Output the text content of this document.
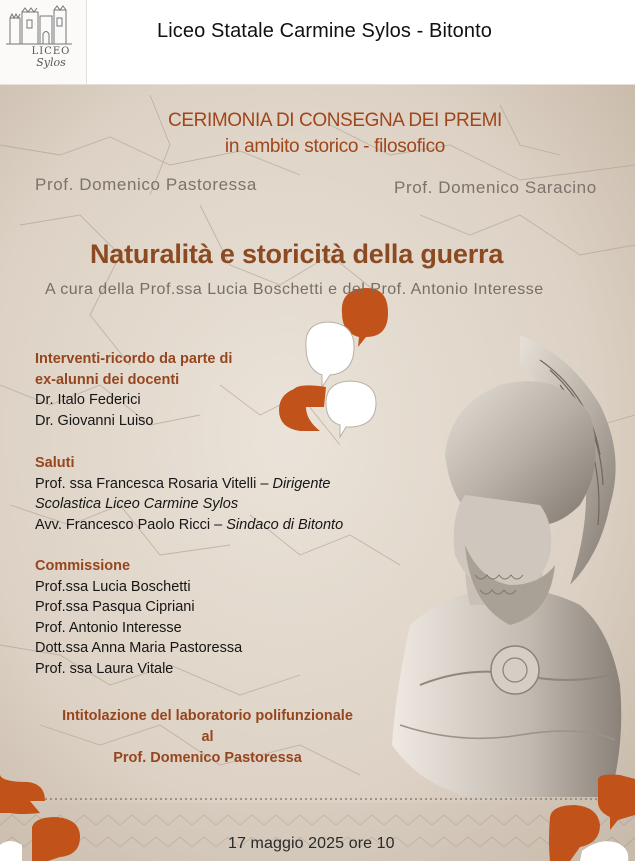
LICEO
Sylos
Liceo Statale Carmine Sylos - Bitonto

CERIMONIA DI CONSEGNA DEI PREMI

in ambito storico - filosofico

Prof. Domenico Pastoressa	Prof. Domenico Saracino

Naturalità e storicità della guerra

A cura della Prof.ssa Lucia Boschetti e del Prof. Antonio Interesse

Interventi-ricordo da parte di
ex-alunni dei docenti
Dr. Italo Federici
Dr. Giovanni Luiso
Saluti
Prof. ssa Francesca Rosaria Vitelli – Dirigente
Scolastica Liceo Carmine Sylos
Avv. Francesco Paolo Ricci – Sindaco di Bitonto
Commissione
Prof.ssa Lucia Boschetti
Prof.ssa Pasqua Cipriani
Prof. Antonio Interesse
Dott.ssa Anna Maria Pastoressa
Prof. ssa Laura Vitale
Intitolazione del laboratorio polifunzionale
al
Prof. Domenico Pastoressa

17 maggio 2025 ore 10
